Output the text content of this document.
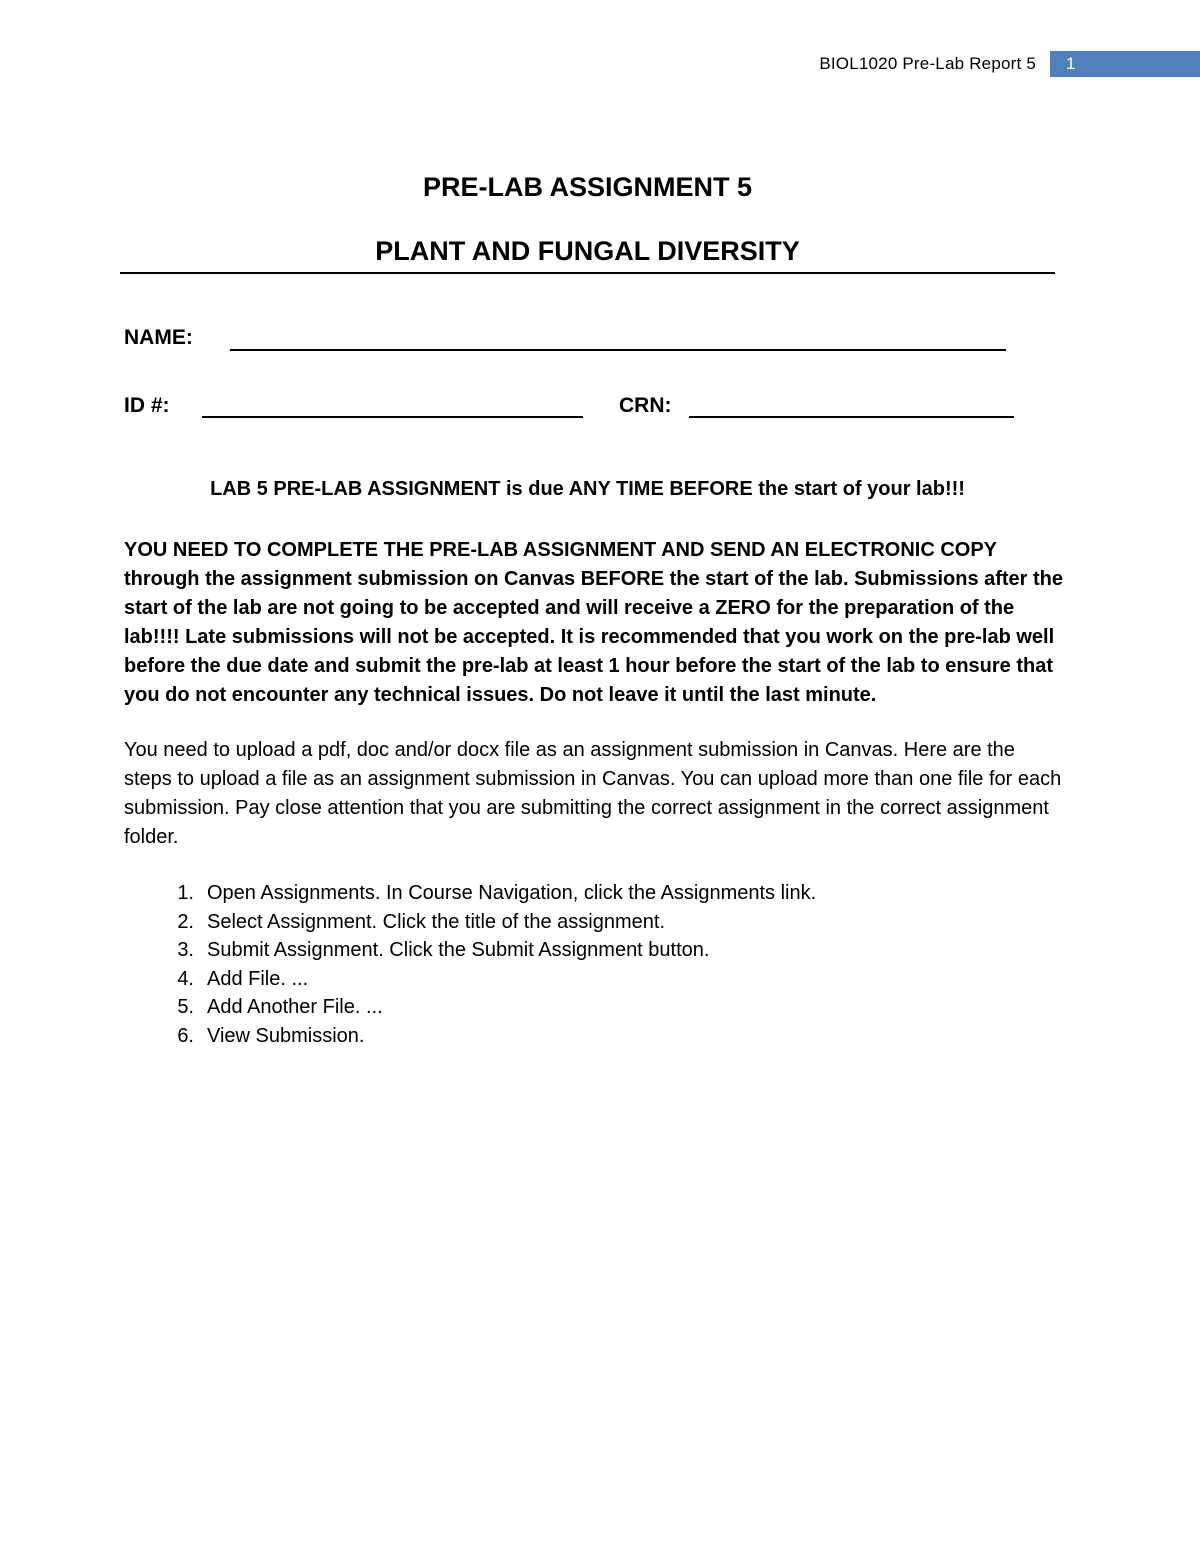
BIOL1020 Pre-Lab Report 5	1
PRE-LAB ASSIGNMENT 5
PLANT AND FUNGAL DIVERSITY
NAME:
ID #:	CRN:
LAB 5 PRE-LAB ASSIGNMENT is due ANY TIME BEFORE the start of your lab!!!

YOU NEED TO COMPLETE THE PRE-LAB ASSIGNMENT AND SEND AN ELECTRONIC COPY through the assignment submission on Canvas BEFORE the start of the lab. Submissions after the start of the lab are not going to be accepted and will receive a ZERO for the preparation of the lab!!!! Late submissions will not be accepted. It is recommended that you work on the pre-lab well before the due date and submit the pre-lab at least 1 hour before the start of the lab to ensure that you do not encounter any technical issues. Do not leave it until the last minute.

You need to upload a pdf, doc and/or docx file as an assignment submission in Canvas. Here are the steps to upload a file as an assignment submission in Canvas. You can upload more than one file for each submission. Pay close attention that you are submitting the correct assignment in the correct assignment folder.

1. Open Assignments. In Course Navigation, click the Assignments link.
2. Select Assignment. Click the title of the assignment.
3. Submit Assignment. Click the Submit Assignment button.
4. Add File. ...
5. Add Another File. ...
6. View Submission.
